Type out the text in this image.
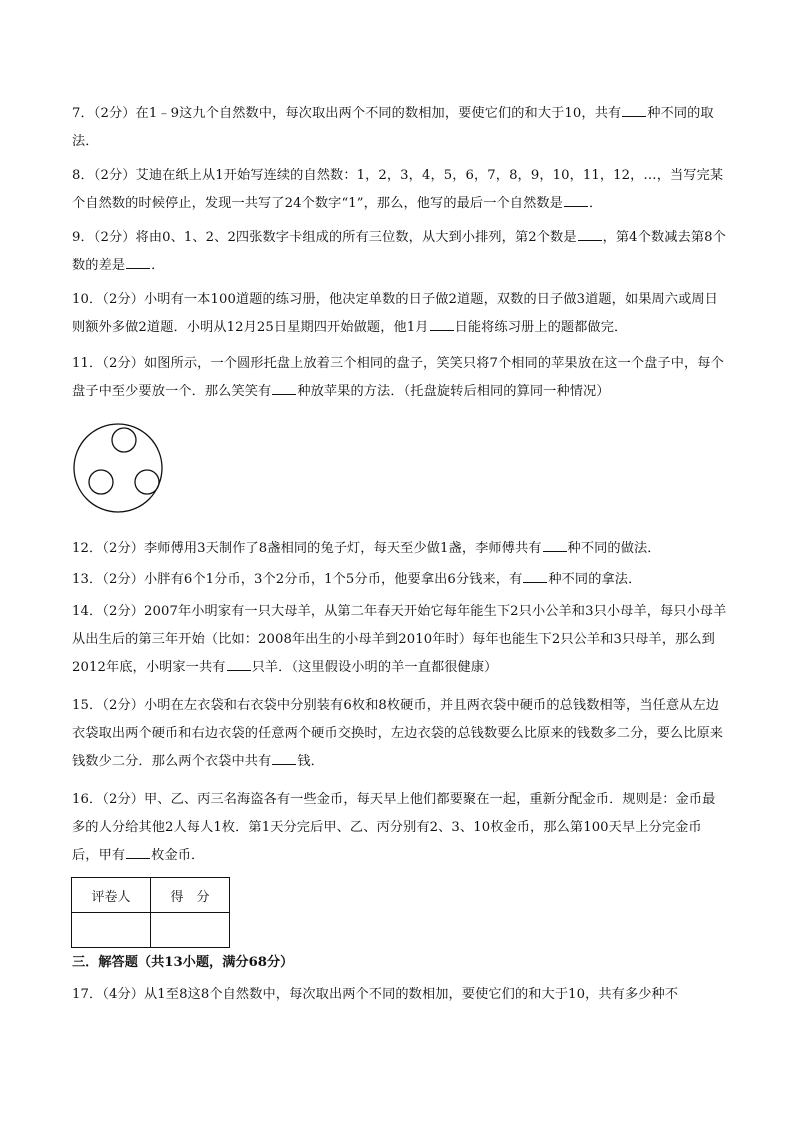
7．（2分）在1﹣9这九个自然数中，每次取出两个不同的数相加，要使它们的和大于10，共有 种不同的取法．
8．（2分）艾迪在纸上从1开始写连续的自然数：1，2，3，4，5，6，7，8，9，10，11，12，…，当写完某个自然数的时候停止，发现一共写了24个数字“1”，那么，他写的最后一个自然数是 ．
9．（2分）将由0、1、2、2四张数字卡组成的所有三位数，从大到小排列，第2个数是 ，第4个数减去第8个数的差是 ．
10．（2分）小明有一本100道题的练习册，他决定单数的日子做2道题，双数的日子做3道题，如果周六或周日则额外多做2道题．小明从12月25日星期四开始做题，他1月 日能将练习册上的题都做完．
11．（2分）如图所示，一个圆形托盘上放着三个相同的盘子，笑笑只将7个相同的苹果放在这一个盘子中，每个盘子中至少要放一个．那么笑笑有 种放苹果的方法．（托盘旋转后相同的算同一种情况）
12．（2分）李师傅用3天制作了8盏相同的兔子灯，每天至少做1盏，李师傅共有 种不同的做法．
13．（2分）小胖有6个1分币，3个2分币，1个5分币，他要拿出6分钱来，有 种不同的拿法．
14．（2分）2007年小明家有一只大母羊，从第二年春天开始它每年能生下2只小公羊和3只小母羊，每只小母羊从出生后的第三年开始（比如：2008年出生的小母羊到2010年时）每年也能生下2只公羊和3只母羊，那么到2012年底，小明家一共有 只羊．（这里假设小明的羊一直都很健康）
15．（2分）小明在左衣袋和右衣袋中分别装有6枚和8枚硬币，并且两衣袋中硬币的总钱数相等，当任意从左边衣袋取出两个硬币和右边衣袋的任意两个硬币交换时，左边衣袋的总钱数要么比原来的钱数多二分，要么比原来钱数少二分．那么两个衣袋中共有 钱．
16．（2分）甲、乙、丙三名海盗各有一些金币，每天早上他们都要聚在一起，重新分配金币．规则是：金币最多的人分给其他2人每人1枚．第1天分完后甲、乙、丙分别有2、3、10枚金币，那么第100天早上分完金币后，甲有 枚金币．
评卷人	得　分

三．解答题（共13小题，满分68分）
17．（4分）从1至8这8个自然数中，每次取出两个不同的数相加，要使它们的和大于10，共有多少种不
